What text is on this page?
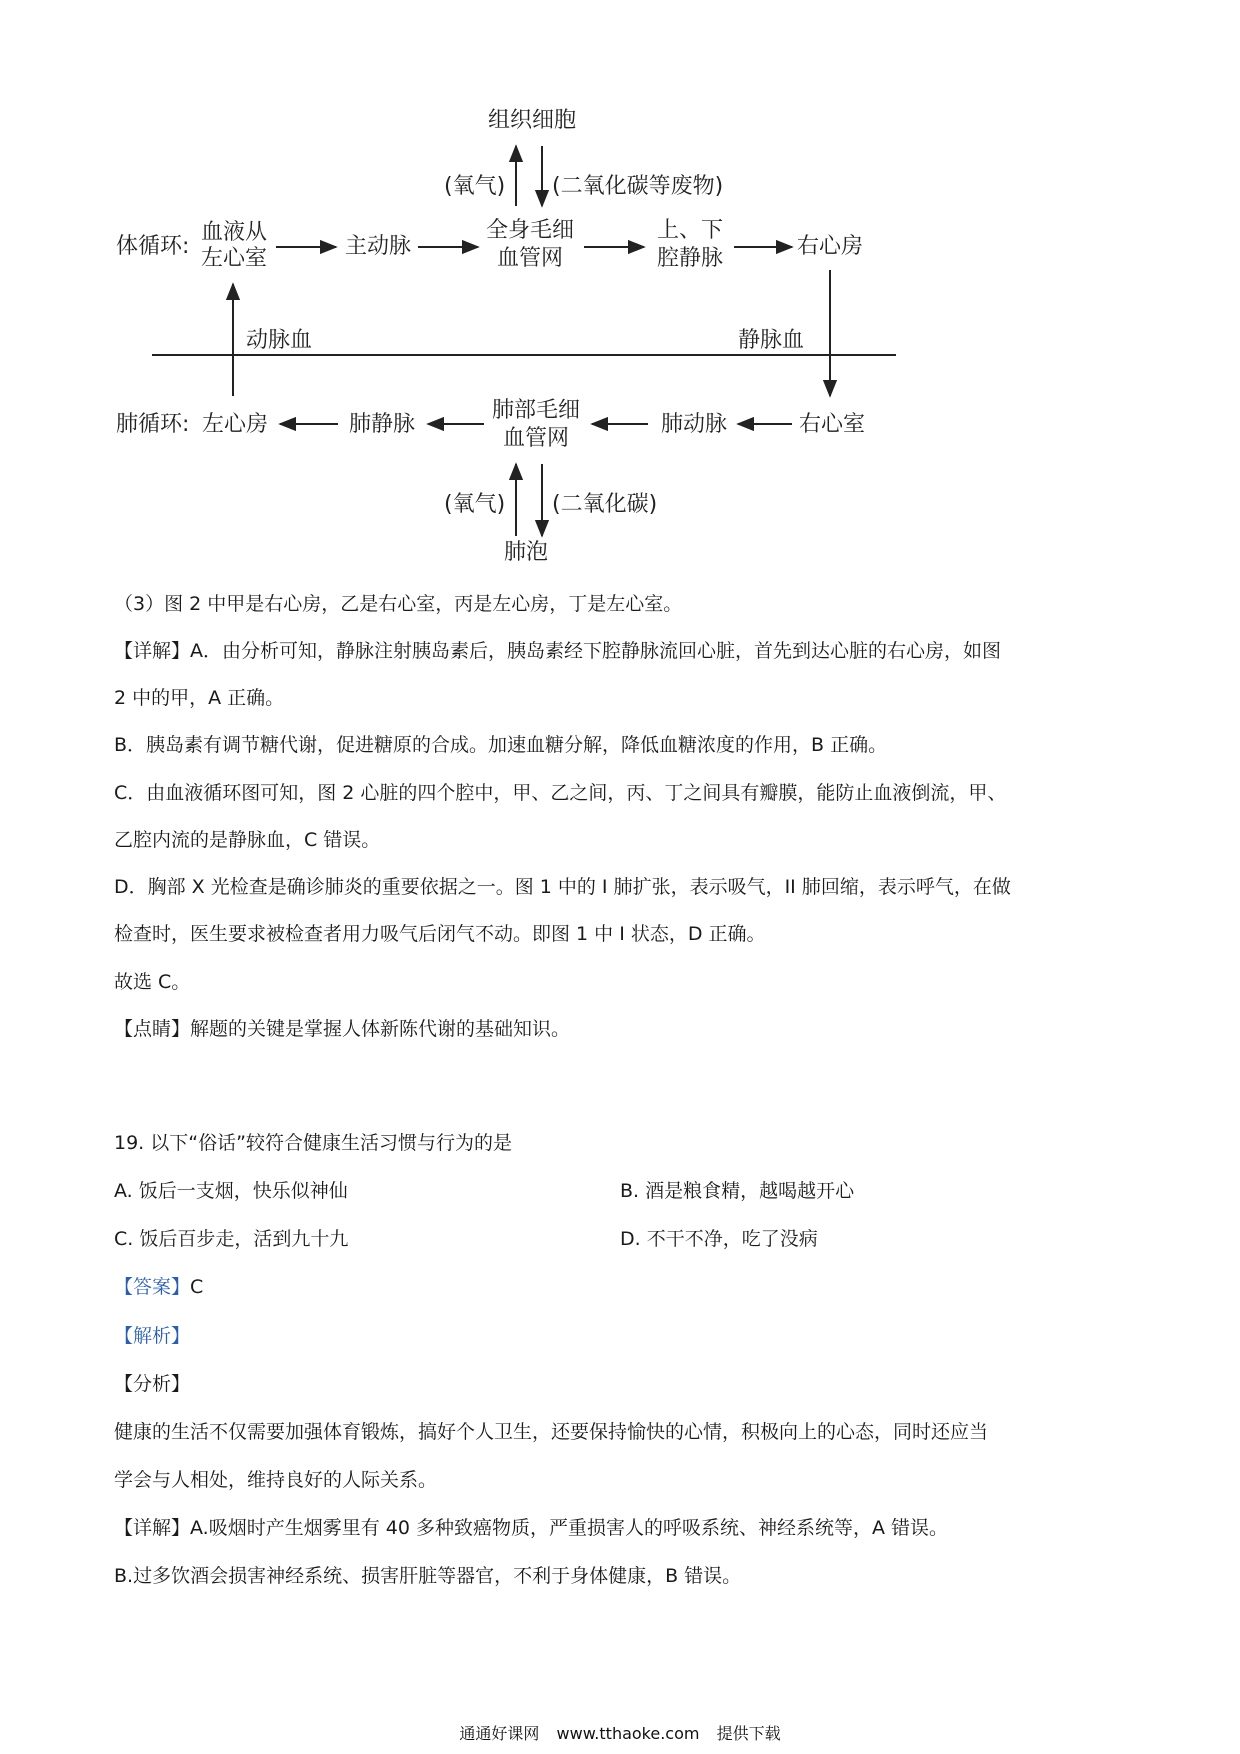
组织细胞
(氧气) (二氧化碳等废物)
体循环:
血液从
左心室	主动脉
全身毛细
血管网
上、下
腔静脉	右心房
动脉血	静脉血
肺循环: 左心房	肺静脉
肺部毛细
血管网
肺动脉	右心室
(氧气) (二氧化碳)
肺泡
（3）图 2 中甲是右心房，乙是右心室，丙是左心房，丁是左心室。
【详解】A．由分析可知，静脉注射胰岛素后，胰岛素经下腔静脉流回心脏，首先到达心脏的右心房，如图
2 中的甲，A 正确。
B．胰岛素有调节糖代谢，促进糖原的合成。加速血糖分解，降低血糖浓度的作用，B 正确。
C．由血液循环图可知，图 2 心脏的四个腔中，甲、乙之间，丙、丁之间具有瓣膜，能防止血液倒流，甲、
乙腔内流的是静脉血，C 错误。
D．胸部 X 光检查是确诊肺炎的重要依据之一。图 1 中的 I 肺扩张，表示吸气，II 肺回缩，表示呼气，在做
检查时，医生要求被检查者用力吸气后闭气不动。即图 1 中 I 状态，D 正确。
故选 C。
【点睛】解题的关键是掌握人体新陈代谢的基础知识。
19. 以下“俗话”较符合健康生活习惯与行为的是
A. 饭后一支烟，快乐似神仙	B. 酒是粮食精，越喝越开心
C. 饭后百步走，活到九十九	D. 不干不净，吃了没病
【答案】C
【解析】
【分析】
健康的生活不仅需要加强体育锻炼，搞好个人卫生，还要保持愉快的心情，积极向上的心态，同时还应当
学会与人相处，维持良好的人际关系。
【详解】A.吸烟时产生烟雾里有 40 多种致癌物质，严重损害人的呼吸系统、神经系统等，A 错误。
B.过多饮酒会损害神经系统、损害肝脏等器官，不利于身体健康，B 错误。
通通好课网 www.tthaoke.com 提供下载
